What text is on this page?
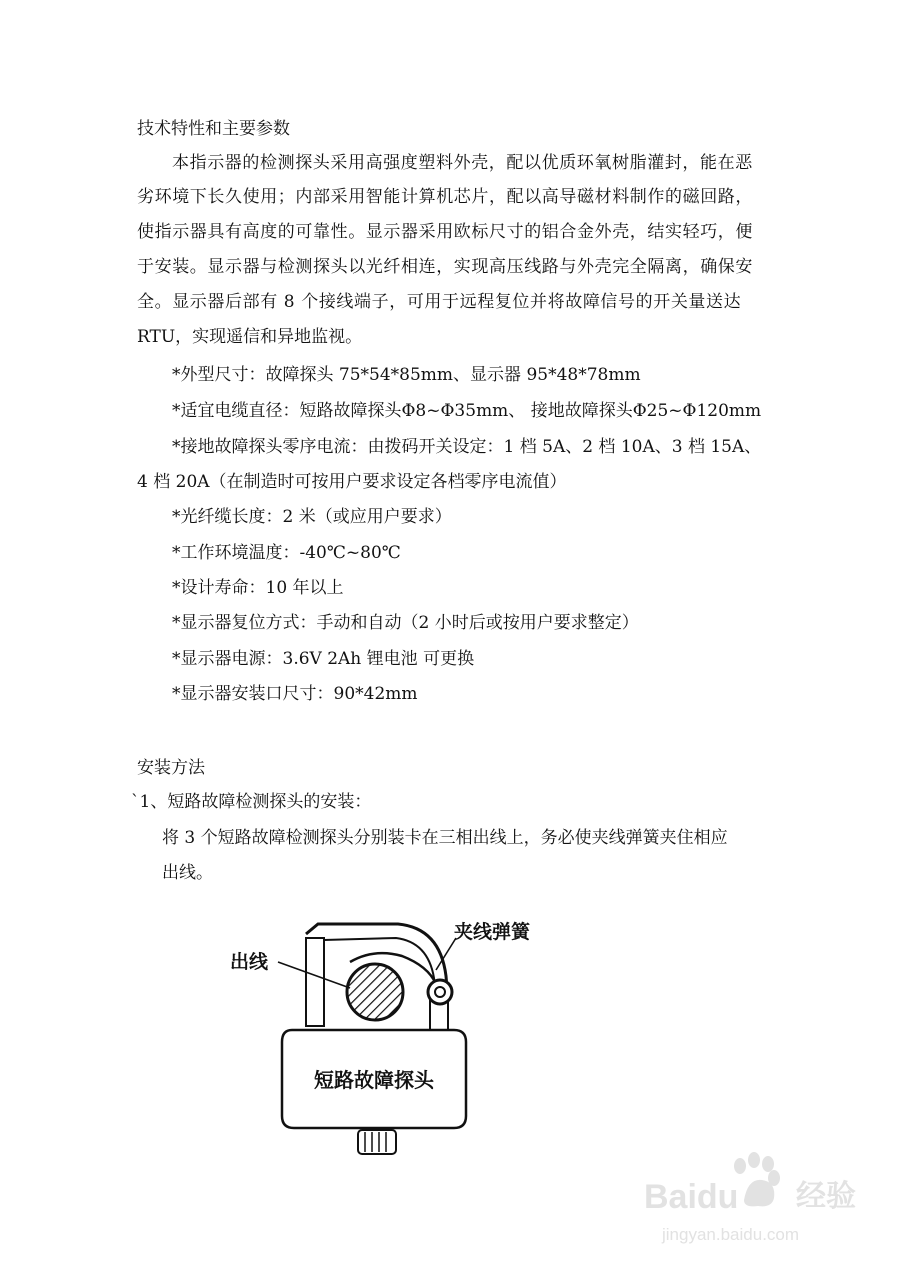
技术特性和主要参数
本指示器的检测探头采用高强度塑料外壳，配以优质环氧树脂灌封，能在恶
劣环境下长久使用；内部采用智能计算机芯片，配以高导磁材料制作的磁回路，
使指示器具有高度的可靠性。显示器采用欧标尺寸的铝合金外壳，结实轻巧，便
于安装。显示器与检测探头以光纤相连，实现高压线路与外壳完全隔离，确保安
全。显示器后部有 8 个接线端子，可用于远程复位并将故障信号的开关量送达
RTU，实现遥信和异地监视。
*外型尺寸：故障探头 75*54*85mm、显示器 95*48*78mm
*适宜电缆直径：短路故障探头Φ8~Φ35mm、 接地故障探头Φ25~Φ120mm
*接地故障探头零序电流：由拨码开关设定：1 档 5A、2 档 10A、3 档 15A、
4 档 20A（在制造时可按用户要求设定各档零序电流值）
*光纤缆长度：2 米（或应用户要求）
*工作环境温度：-40℃~80℃
*设计寿命：10 年以上
*显示器复位方式：手动和自动（2 小时后或按用户要求整定）
*显示器电源：3.6V 2Ah 锂电池 可更换
*显示器安装口尺寸：90*42mm
安装方法
`1、短路故障检测探头的安装：
将 3 个短路故障检测探头分别装卡在三相出线上，务必使夹线弹簧夹住相应
出线。
出线
夹线弹簧
短路故障探头
Baidu 经验
jingyan.baidu.com
